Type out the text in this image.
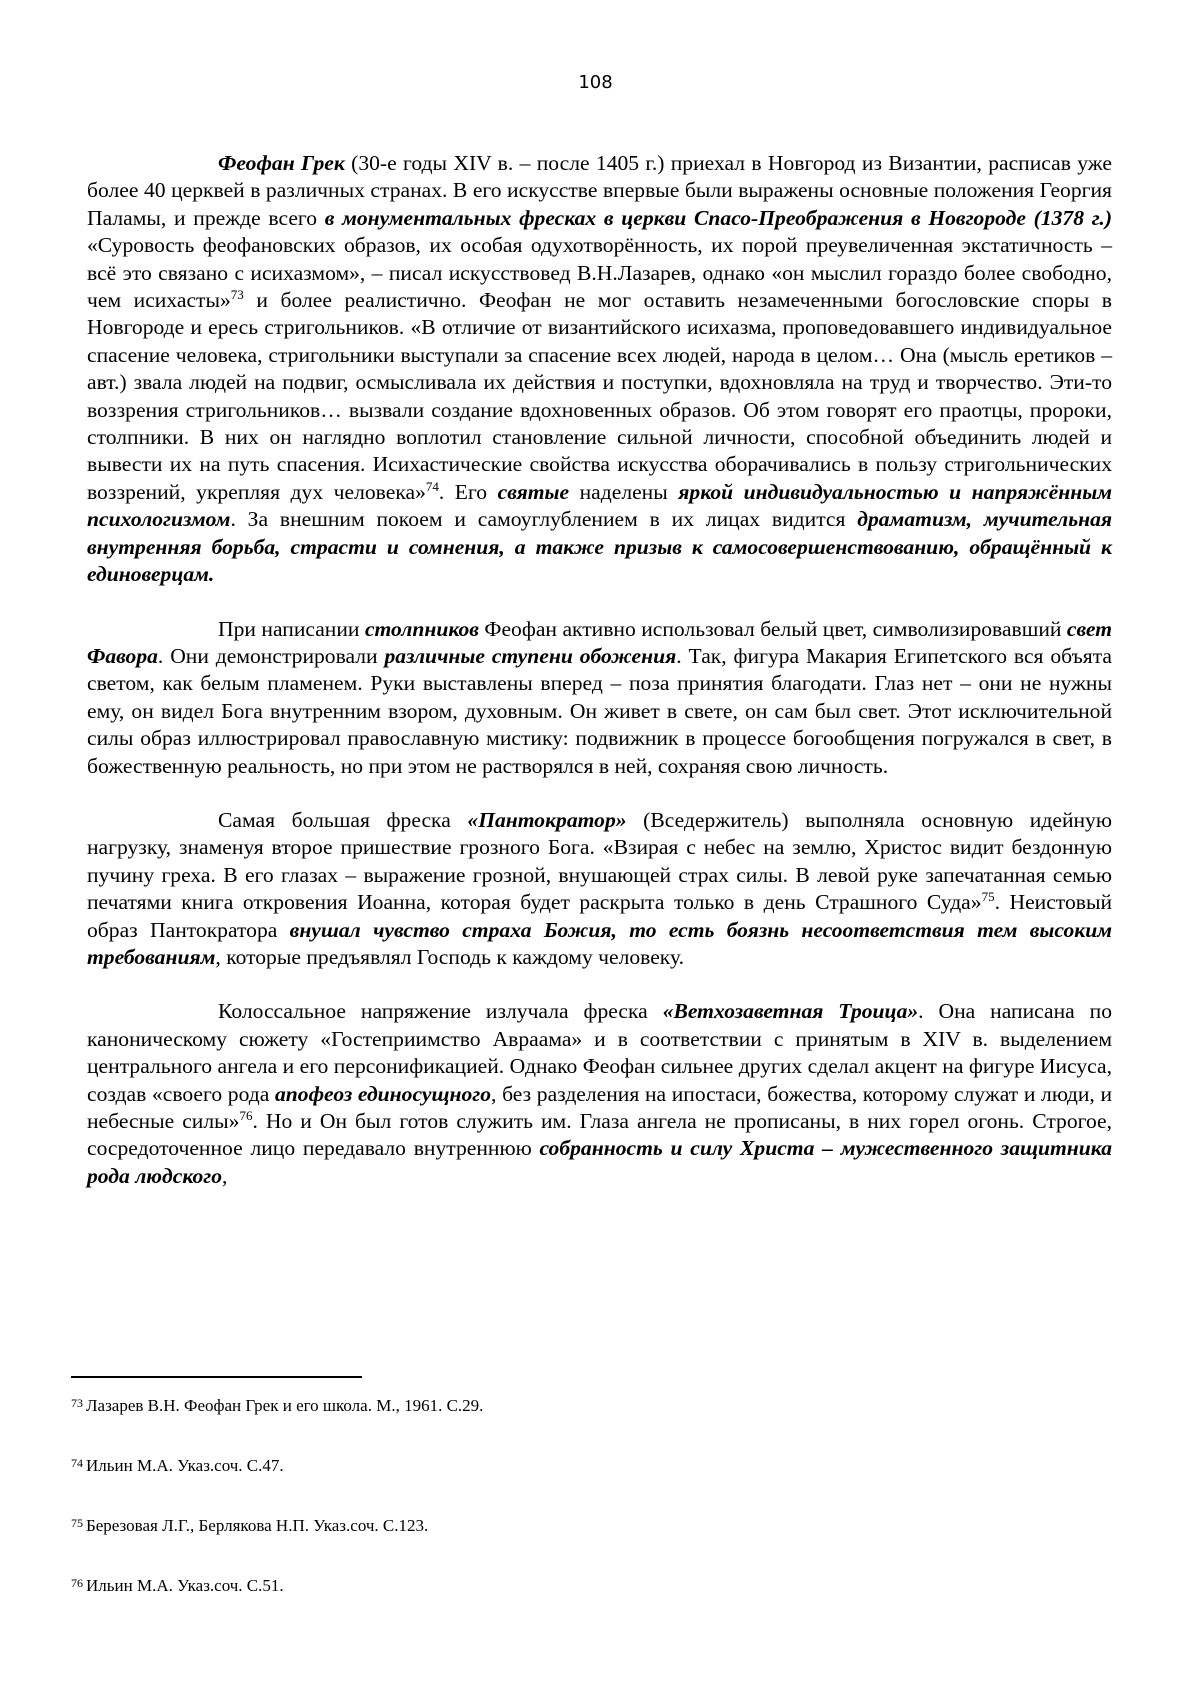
108

Феофан Грек (30-е годы XIV в. – после 1405 г.) приехал в Новгород из Византии, расписав уже более 40 церквей в различных странах. В его искусстве впервые были выражены основные положения Георгия Паламы, и прежде всего в монументальных фресках в церкви Спасо-Преображения в Новгороде (1378 г.) «Суровость феофановских образов, их особая одухотворённость, их порой преувеличенная экстатичность – всё это связано с исихазмом», – писал искусствовед В.Н.Лазарев, однако «он мыслил гораздо более свободно, чем исихасты»$^{73}$ и более реалистично. Феофан не мог оставить незамеченными богословские споры в Новгороде и ересь стригольников. «В отличие от византийского исихазма, проповедовавшего индивидуальное спасение человека, стригольники выступали за спасение всех людей, народа в целом… Она (мысль еретиков – авт.) звала людей на подвиг, осмысливала их действия и поступки, вдохновляла на труд и творчество. Эти-то воззрения стригольников… вызвали создание вдохновенных образов. Об этом говорят его праотцы, пророки, столпники. В них он наглядно воплотил становление сильной личности, способной объединить людей и вывести их на путь спасения. Исихастические свойства искусства оборачивались в пользу стригольнических воззрений, укрепляя дух человека»$^{74}$. Его святые наделены яркой индивидуальностью и напряжённым психологизмом. За внешним покоем и самоуглублением в их лицах видится драматизм, мучительная внутренняя борьба, страсти и сомнения, а также призыв к самосовершенствованию, обращённый к единоверцам.

При написании столпников Феофан активно использовал белый цвет, символизировавший свет Фавора. Они демонстрировали различные ступени обожения. Так, фигура Макария Египетского вся объята светом, как белым пламенем. Руки выставлены вперед – поза принятия благодати. Глаз нет – они не нужны ему, он видел Бога внутренним взором, духовным. Он живет в свете, он сам был свет. Этот исключительной силы образ иллюстрировал православную мистику: подвижник в процессе богообщения погружался в свет, в божественную реальность, но при этом не растворялся в ней, сохраняя свою личность.

Самая большая фреска «Пантократор» (Вседержитель) выполняла основную идейную нагрузку, знаменуя второе пришествие грозного Бога. «Взирая с небес на землю, Христос видит бездонную пучину греха. В его глазах – выражение грозной, внушающей страх силы. В левой руке запечатанная семью печатями книга откровения Иоанна, которая будет раскрыта только в день Страшного Суда»$^{75}$. Неистовый образ Пантократора внушал чувство страха Божия, то есть боязнь несоответствия тем высоким требованиям, которые предъявлял Господь к каждому человеку.

Колоссальное напряжение излучала фреска «Ветхозаветная Троица». Она написана по каноническому сюжету «Гостеприимство Авраама» и в соответствии с принятым в XIV в. выделением центрального ангела и его персонификацией. Однако Феофан сильнее других сделал акцент на фигуре Иисуса, создав «своего рода апофеоз единосущного, без разделения на ипостаси, божества, которому служат и люди, и небесные силы»$^{76}$. Но и Он был готов служить им. Глаза ангела не прописаны, в них горел огонь. Строгое, сосредоточенное лицо передавало внутреннюю собранность и силу Христа – мужественного защитника рода людского,

$^{73}$ Лазарев В.Н. Феофан Грек и его школа. М., 1961. С.29.
$^{74}$ Ильин М.А. Указ.соч. С.47.
$^{75}$ Березовая Л.Г., Берлякова Н.П. Указ.соч. С.123.
$^{76}$ Ильин М.А. Указ.соч. С.51.
